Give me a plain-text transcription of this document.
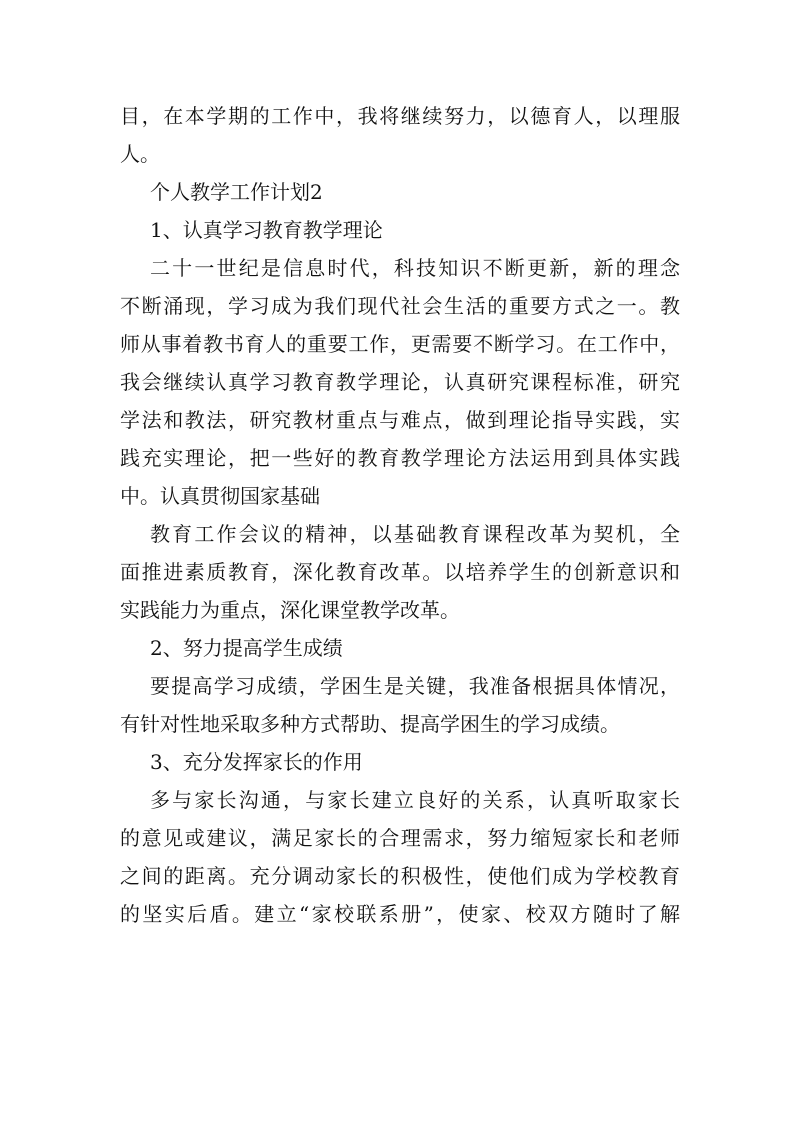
目，在本学期的工作中，我将继续努力，以德育人，以理服
人。
个人教学工作计划2
1、认真学习教育教学理论
二十一世纪是信息时代，科技知识不断更新，新的理念
不断涌现，学习成为我们现代社会生活的重要方式之一。教
师从事着教书育人的重要工作，更需要不断学习。在工作中，
我会继续认真学习教育教学理论，认真研究课程标准，研究
学法和教法，研究教材重点与难点，做到理论指导实践，实
践充实理论，把一些好的教育教学理论方法运用到具体实践
中。认真贯彻国家基础
教育工作会议的精神，以基础教育课程改革为契机，全
面推进素质教育，深化教育改革。以培养学生的创新意识和
实践能力为重点，深化课堂教学改革。
2、努力提高学生成绩
要提高学习成绩，学困生是关键，我准备根据具体情况，
有针对性地采取多种方式帮助、提高学困生的学习成绩。
3、充分发挥家长的作用
多与家长沟通，与家长建立良好的关系，认真听取家长
的意见或建议，满足家长的合理需求，努力缩短家长和老师
之间的距离。充分调动家长的积极性，使他们成为学校教育
的坚实后盾。建立“家校联系册”，使家、校双方随时了解
